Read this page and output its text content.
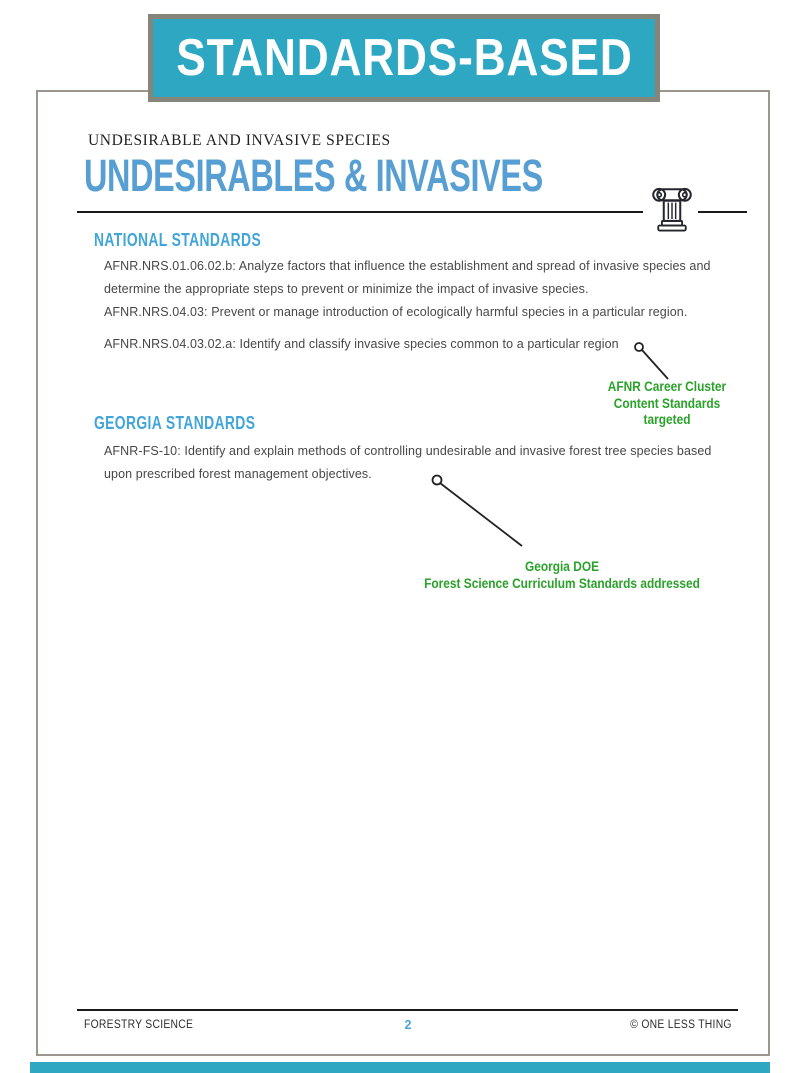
STANDARDS-BASED
UNDESIRABLE AND INVASIVE SPECIES
UNDESIRABLES & INVASIVES
NATIONAL STANDARDS
AFNR.NRS.01.06.02.b: Analyze factors that influence the establishment and spread of invasive species and determine the appropriate steps to prevent or minimize the impact of invasive species.
AFNR.NRS.04.03: Prevent or manage introduction of ecologically harmful species in a particular region.
AFNR.NRS.04.03.02.a: Identify and classify invasive species common to a particular region
AFNR Career Cluster
Content Standards
targeted
GEORGIA STANDARDS
AFNR-FS-10: Identify and explain methods of controlling undesirable and invasive forest tree species based upon prescribed forest management objectives.
Georgia DOE
Forest Science Curriculum Standards addressed
FORESTRY SCIENCE	2	© ONE LESS THING
